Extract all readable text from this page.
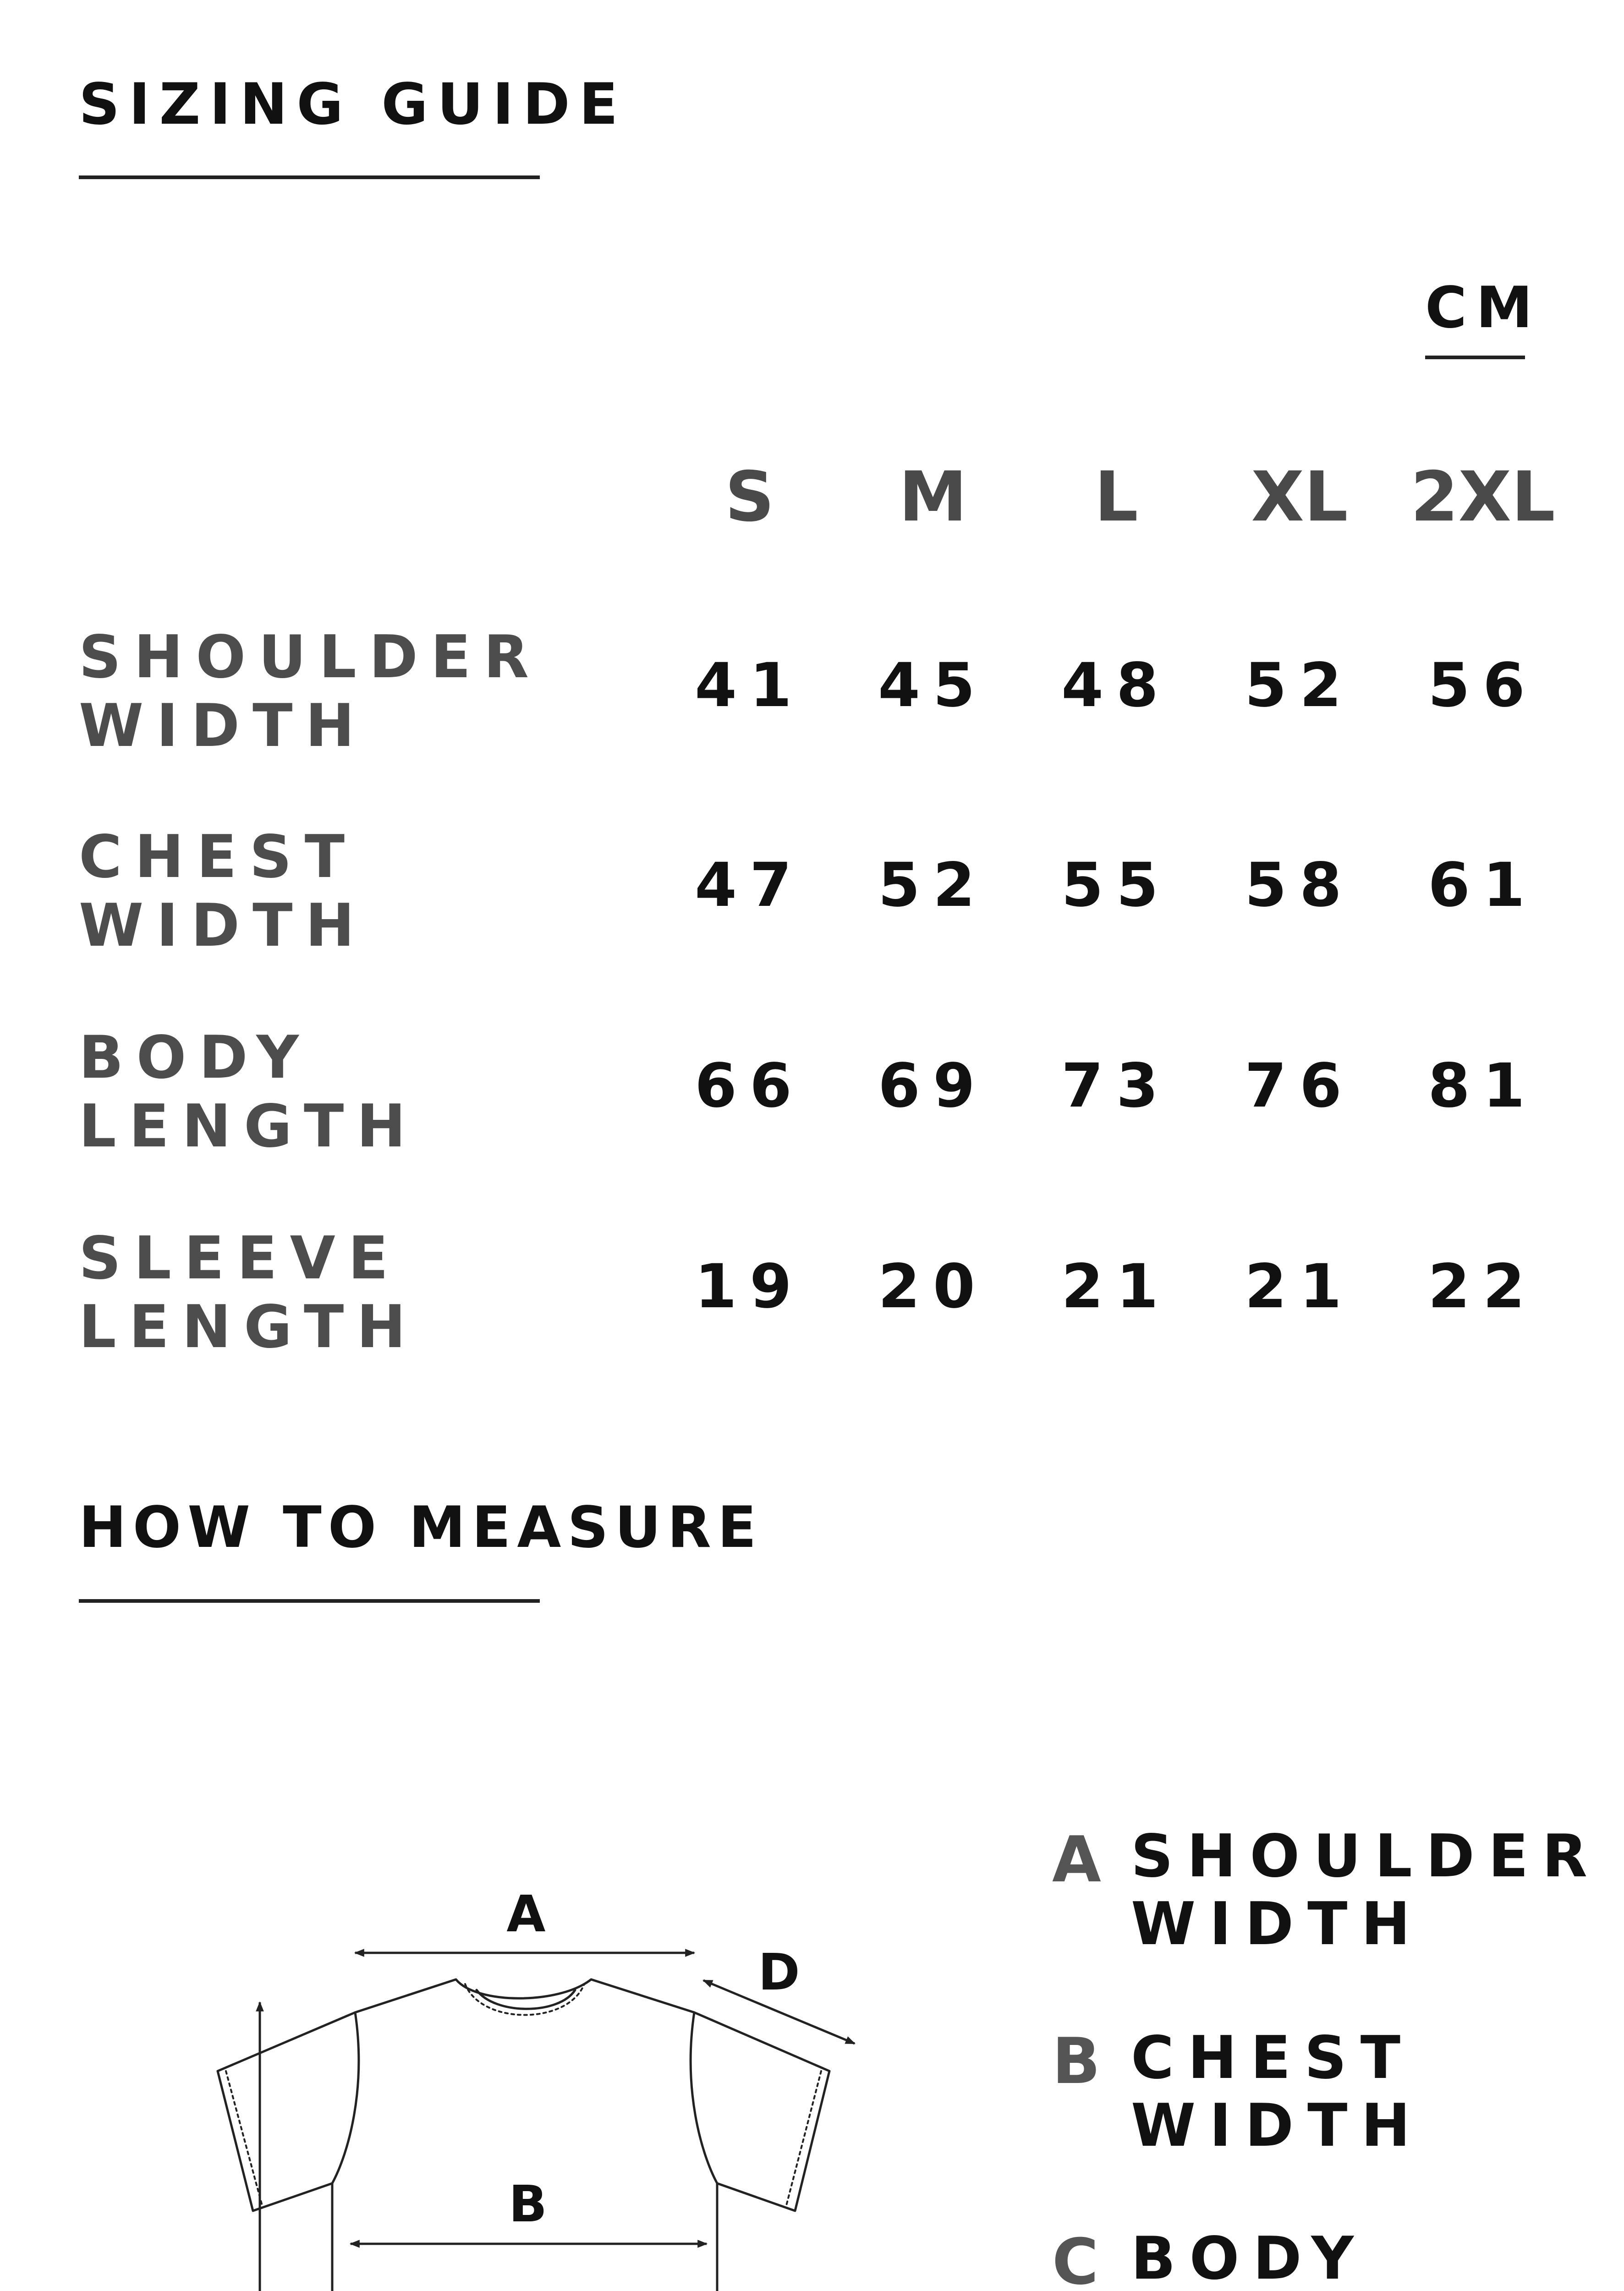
SIZING GUIDE
CM
S	M	L	XL 2XL
SHOULDER
WIDTH
41	45	48	52	56
CHEST
WIDTH
47	52	55	58	61
BODY
LENGTH
66	69	73	76	81
SLEEVE
LENGTH
19	20	21	21	22
HOW TO MEASURE
A
B
D
A SHOULDER
WIDTH
B CHEST
WIDTH
C BODY
